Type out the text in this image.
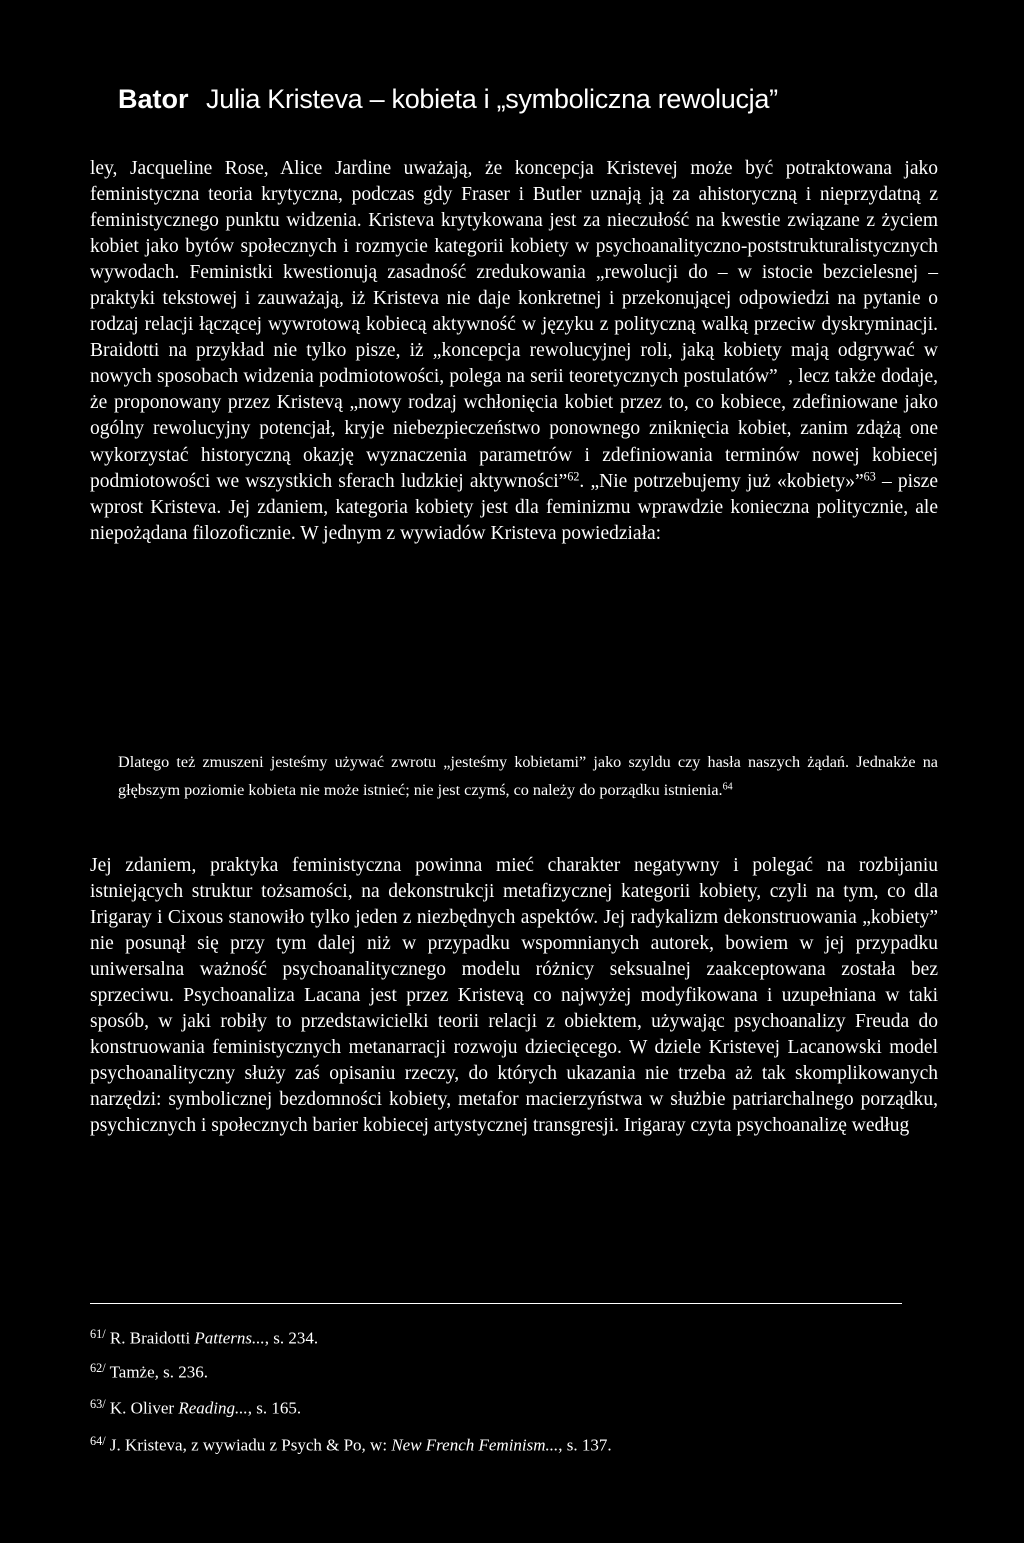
Bator Julia Kristeva – kobieta i „symboliczna rewolucja”

ley, Jacqueline Rose, Alice Jardine uważają, że koncepcja Kristevej może być potraktowana jako feministyczna teoria krytyczna, podczas gdy Fraser i Butler uznają ją za ahistoryczną i nieprzydatną z feministycznego punktu widzenia. Kristeva krytykowana jest za nieczułość na kwestie związane z życiem kobiet jako bytów społecznych i rozmycie kategorii kobiety w psychoanalityczno-poststrukturalistycznych wywodach. Feministki kwestionują zasadność zredukowania „rewolucji do – w istocie bezcielesnej – praktyki tekstowej i zauważają, iż Kristeva nie daje konkretnej i przekonującej odpowiedzi na pytanie o rodzaj relacji łączącej wywrotową kobiecą aktywność w języku z polityczną walką przeciw dyskryminacji. Braidotti na przykład nie tylko pisze, iż „koncepcja rewolucyjnej roli, jaką kobiety mają odgrywać w nowych sposobach widzenia podmiotowości, polega na serii teoretycznych postulatów”  , lecz także dodaje, że proponowany przez Kristevą „nowy rodzaj wchłonięcia kobiet przez to, co kobiece, zdefiniowane jako ogólny rewolucyjny potencjał, kryje niebezpieczeństwo ponownego zniknięcia kobiet, zanim zdążą one wykorzystać historyczną okazję wyznaczenia parametrów i zdefiniowania terminów nowej kobiecej podmiotowości we wszystkich sferach ludzkiej aktywności”$^{62}$. „Nie potrzebujemy już «kobiety»”$^{63}$ – pisze wprost Kristeva. Jej zdaniem, kategoria kobiety jest dla feminizmu wprawdzie konieczna politycznie, ale niepożądana filozoficznie. W jednym z wywiadów Kristeva powiedziała:

Dlatego też zmuszeni jesteśmy używać zwrotu „jesteśmy kobietami” jako szyldu czy hasła naszych żądań. Jednakże na głębszym poziomie kobieta nie może istnieć; nie jest czymś, co należy do porządku istnienia.$^{64}$

Jej zdaniem, praktyka feministyczna powinna mieć charakter negatywny i polegać na rozbijaniu istniejących struktur tożsamości, na dekonstrukcji metafizycznej kategorii kobiety, czyli na tym, co dla Irigaray i Cixous stanowiło tylko jeden z niezbędnych aspektów. Jej radykalizm dekonstruowania „kobiety” nie posunął się przy tym dalej niż w przypadku wspomnianych autorek, bowiem w jej przypadku uniwersalna ważność psychoanalitycznego modelu różnicy seksualnej zaakceptowana została bez sprzeciwu. Psychoanaliza Lacana jest przez Kristevą co najwyżej modyfikowana i uzupełniana w taki sposób, w jaki robiły to przedstawicielki teorii relacji z obiektem, używając psychoanalizy Freuda do konstruowania feministycznych metanarracji rozwoju dziecięcego. W dziele Kristevej Lacanowski model psychoanalityczny służy zaś opisaniu rzeczy, do których ukazania nie trzeba aż tak skomplikowanych narzędzi: symbolicznej bezdomności kobiety, metafor macierzyństwa w służbie patriarchalnego porządku, psychicznych i społecznych barier kobiecej artystycznej transgresji. Irigaray czyta psychoanalizę według

$^{61/}$ R. Braidotti Patterns..., s. 234.
$^{62/}$ Tamże, s. 236.
$^{63/}$ K. Oliver Reading..., s. 165.
$^{64/}$ J. Kristeva, z wywiadu z Psych & Po, w: New French Feminism..., s. 137.
